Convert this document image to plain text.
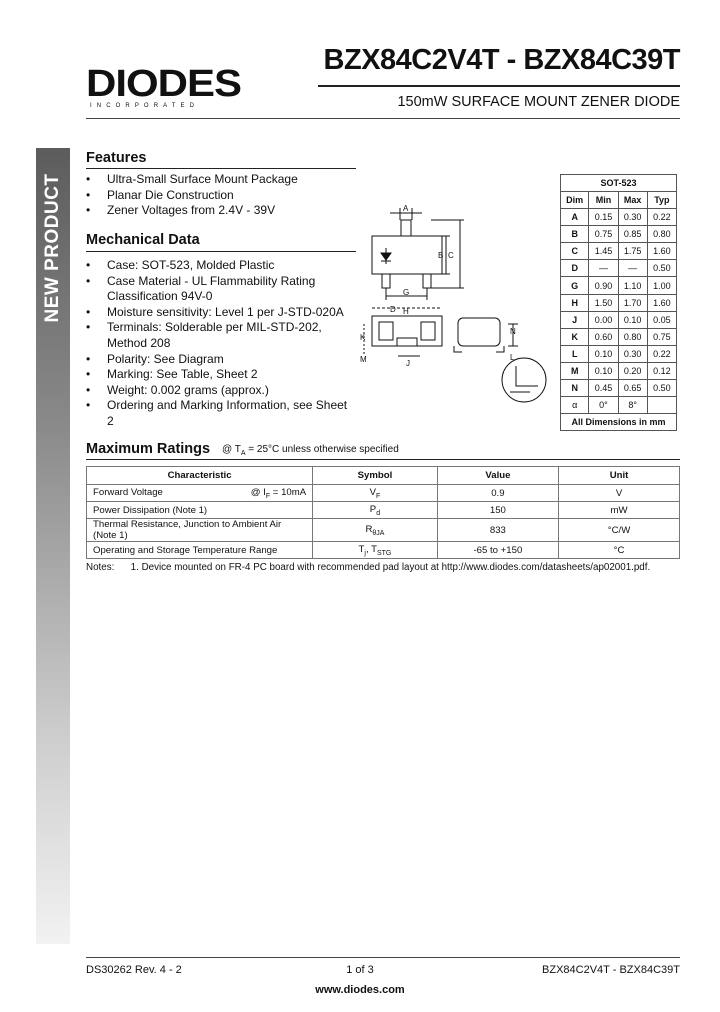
DIODES
INCORPORATED
BZX84C2V4T - BZX84C39T
150mW SURFACE MOUNT ZENER DIODE
NEW PRODUCT
Features
• Ultra-Small Surface Mount Package
• Planar Die Construction
• Zener Voltages from 2.4V - 39V
Mechanical Data
• Case: SOT-523, Molded Plastic
• Case Material - UL Flammability Rating Classification 94V-0
• Moisture sensitivity: Level 1 per J-STD-020A
• Terminals: Solderable per MIL-STD-202, Method 208
• Polarity: See Diagram
• Marking: See Table, Sheet 2
• Weight: 0.002 grams (approx.)
• Ordering and Marking Information, see Sheet 2
A
B C
G
D H
K
M	J
N
L
SOT-523			
Dim	Min	Max	Typ
A	0.15	0.30	0.22
B	0.75	0.85	0.80
C	1.45	1.75	1.60
D	—	—	0.50
G	0.90	1.10	1.00
H	1.50	1.70	1.60
J	0.00	0.10	0.05
K	0.60	0.80	0.75
L	0.10	0.30	0.22
M	0.10	0.20	0.12
N	0.45	0.65	0.50
α	0°	8°	
All Dimensions in mm			
Maximum Ratings @ $T_A = 25^\circ C$ unless otherwise specified
Characteristic	Symbol	Value	Unit
Forward Voltage @ $I_F = 10mA$	$V_F$	0.9	V
Power Dissipation (Note 1)	$P_d$	150	mW
Thermal Resistance, Junction to Ambient Air (Note 1)	$R_{\theta JA}$	833	°C/W
Operating and Storage Temperature Range	$T_j$, $T_{STG}$	-65 to +150	°C
Notes: 1. Device mounted on FR-4 PC board with recommended pad layout at http://www.diodes.com/datasheets/ap02001.pdf.
DS30262 Rev. 4 - 2	1 of 3	BZX84C2V4T - BZX84C39T
www.diodes.com
